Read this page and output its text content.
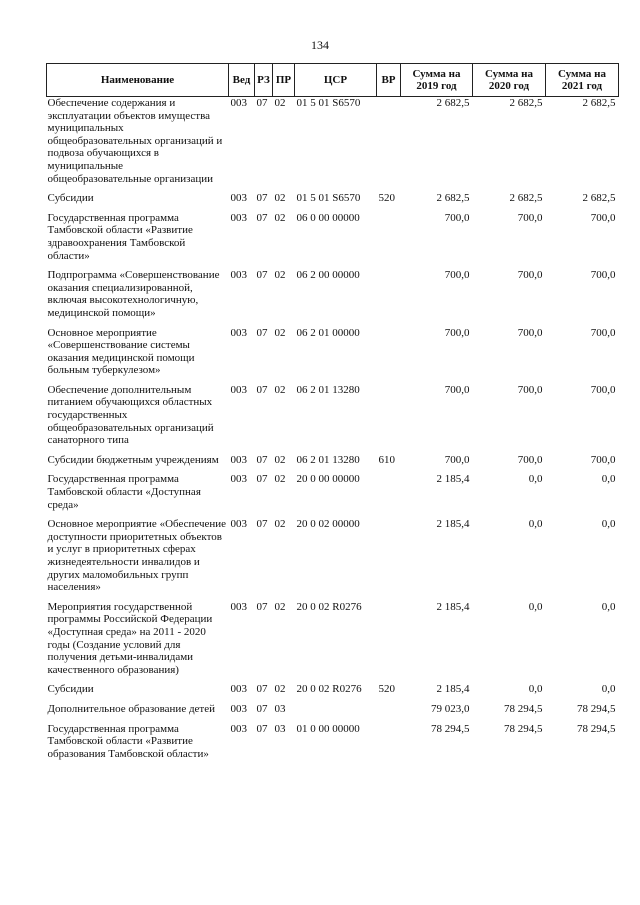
134
Наименование	Вед	РЗ	ПР	ЦСР	ВР	Сумма на 2019 год	Сумма на 2020 год	Сумма на 2021 год
Обеспечение содержания и эксплуатации объектов имущества муниципальных общеобразовательных организаций и подвоза обучающихся в муниципальные общеобразовательные организации	003	07	02	01 5 01 S6570		2 682,5	2 682,5	2 682,5
Субсидии	003	07	02	01 5 01 S6570	520	2 682,5	2 682,5	2 682,5
Государственная программа Тамбовской области «Развитие здравоохранения Тамбовской области»	003	07	02	06 0 00 00000		700,0	700,0	700,0
Подпрограмма «Совершенствование оказания специализированной, включая высокотехнологичную, медицинской помощи»	003	07	02	06 2 00 00000		700,0	700,0	700,0
Основное мероприятие «Совершенствование системы оказания медицинской помощи больным туберкулезом»	003	07	02	06 2 01 00000		700,0	700,0	700,0
Обеспечение дополнительным питанием обучающихся областных государственных общеобразовательных организаций санаторного типа	003	07	02	06 2 01 13280		700,0	700,0	700,0
Субсидии бюджетным учреждениям	003	07	02	06 2 01 13280	610	700,0	700,0	700,0
Государственная программа Тамбовской области «Доступная среда»	003	07	02	20 0 00 00000		2 185,4	0,0	0,0
Основное мероприятие «Обеспечение доступности приоритетных объектов и услуг в приоритетных сферах жизнедеятельности инвалидов и других маломобильных групп населения»	003	07	02	20 0 02 00000		2 185,4	0,0	0,0
Мероприятия государственной программы Российской Федерации «Доступная среда» на 2011 - 2020 годы (Создание условий для получения детьми-инвалидами качественного образования)	003	07	02	20 0 02 R0276		2 185,4	0,0	0,0
Субсидии	003	07	02	20 0 02 R0276	520	2 185,4	0,0	0,0
Дополнительное образование детей	003	07	03			79 023,0	78 294,5	78 294,5
Государственная программа Тамбовской области «Развитие образования Тамбовской области»	003	07	03	01 0 00 00000		78 294,5	78 294,5	78 294,5
